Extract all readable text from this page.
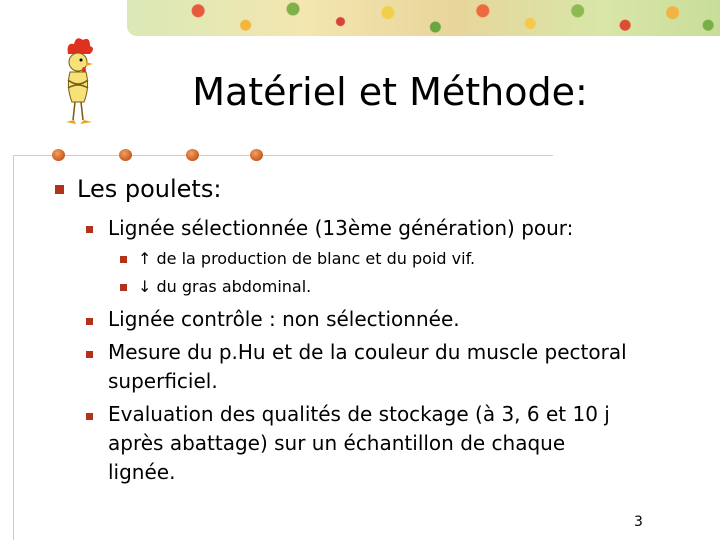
Matériel et Méthode:
Les poulets:
Lignée sélectionnée (13ème génération) pour:
↑ de la production de blanc et du poid vif.
↓ du gras abdominal.
Lignée contrôle : non sélectionnée.
Mesure du p.Hu et de la couleur du muscle pectoral
superficiel.
Evaluation des qualités de stockage (à 3, 6 et 10 j
après abattage) sur un échantillon de chaque
lignée.
3
